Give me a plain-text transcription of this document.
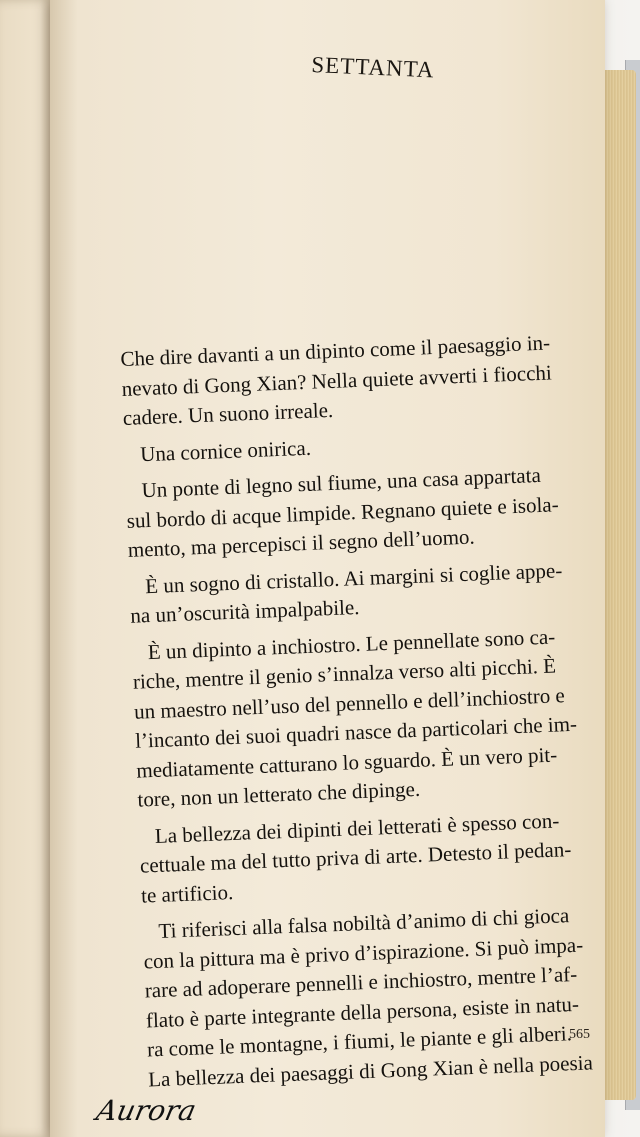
SETTANTA
Che dire davanti a un dipinto come il paesaggio in-
nevato di Gong Xian? Nella quiete avverti i fiocchi
cadere. Un suono irreale.
Una cornice onirica.
Un ponte di legno sul fiume, una casa appartata
sul bordo di acque limpide. Regnano quiete e isola-
mento, ma percepisci il segno dell’uomo.
È un sogno di cristallo. Ai margini si coglie appe-
na un’oscurità impalpabile.
È un dipinto a inchiostro. Le pennellate sono ca-
riche, mentre il genio s’innalza verso alti picchi. È
un maestro nell’uso del pennello e dell’inchiostro e
l’incanto dei suoi quadri nasce da particolari che im-
mediatamente catturano lo sguardo. È un vero pit-
tore, non un letterato che dipinge.
La bellezza dei dipinti dei letterati è spesso con-
cettuale ma del tutto priva di arte. Detesto il pedan-
te artificio.
Ti riferisci alla falsa nobiltà d’animo di chi gioca
con la pittura ma è privo d’ispirazione. Si può impa-
rare ad adoperare pennelli e inchiostro, mentre l’af-
flato è parte integrante della persona, esiste in natu-
ra come le montagne, i fiumi, le piante e gli alberi.
La bellezza dei paesaggi di Gong Xian è nella poesia

565

Aurora
